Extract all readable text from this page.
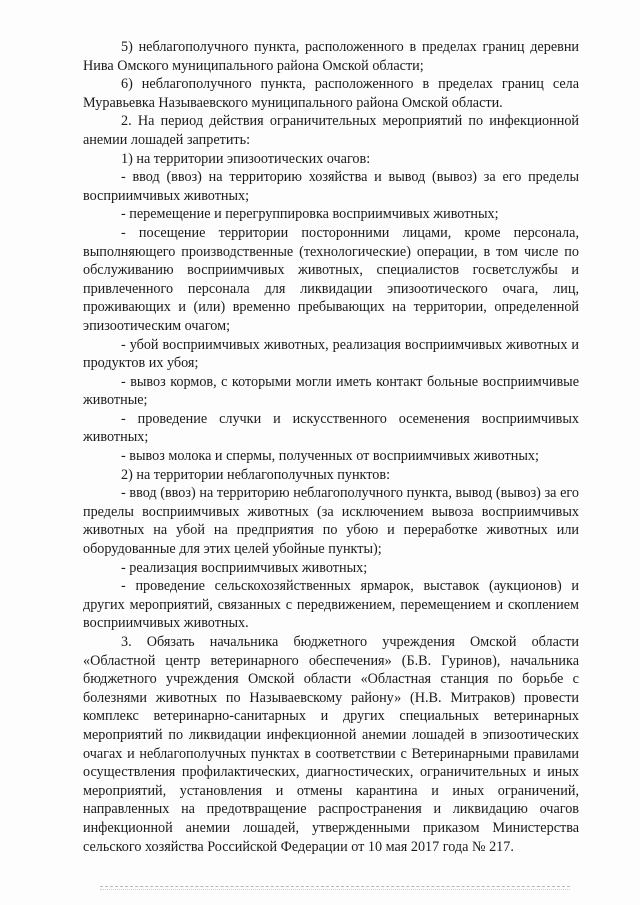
5) неблагополучного пункта, расположенного в пределах границ деревни Нива Омского муниципального района Омской области;

6) неблагополучного пункта, расположенного в пределах границ села Муравьевка Называевского муниципального района Омской области.

2. На период действия ограничительных мероприятий по инфекционной анемии лошадей запретить:

1) на территории эпизоотических очагов:

- ввод (ввоз) на территорию хозяйства и вывод (вывоз) за его пределы восприимчивых животных;

- перемещение и перегруппировка восприимчивых животных;

- посещение территории посторонними лицами, кроме персонала, выполняющего производственные (технологические) операции, в том числе по обслуживанию восприимчивых животных, специалистов госветслужбы и привлеченного персонала для ликвидации эпизоотического очага, лиц, проживающих и (или) временно пребывающих на территории, определенной эпизоотическим очагом;

- убой восприимчивых животных, реализация восприимчивых животных и продуктов их убоя;

- вывоз кормов, с которыми могли иметь контакт больные восприимчивые животные;

- проведение случки и искусственного осеменения восприимчивых животных;

- вывоз молока и спермы, полученных от восприимчивых животных;

2) на территории неблагополучных пунктов:

- ввод (ввоз) на территорию неблагополучного пункта, вывод (вывоз) за его пределы восприимчивых животных (за исключением вывоза восприимчивых животных на убой на предприятия по убою и переработке животных или оборудованные для этих целей убойные пункты);

- реализация восприимчивых животных;

- проведение сельскохозяйственных ярмарок, выставок (аукционов) и других мероприятий, связанных с передвижением, перемещением и скоплением восприимчивых животных.

3. Обязать начальника бюджетного учреждения Омской области «Областной центр ветеринарного обеспечения» (Б.В. Гуринов), начальника бюджетного учреждения Омской области «Областная станция по борьбе с болезнями животных по Называевскому району» (Н.В. Митраков) провести комплекс ветеринарно-санитарных и других специальных ветеринарных мероприятий по ликвидации инфекционной анемии лошадей в эпизоотических очагах и неблагополучных пунктах в соответствии с Ветеринарными правилами осуществления профилактических, диагностических, ограничительных и иных мероприятий, установления и отмены карантина и иных ограничений, направленных на предотвращение распространения и ликвидацию очагов инфекционной анемии лошадей, утвержденными приказом Министерства сельского хозяйства Российской Федерации от 10 мая 2017 года № 217.
